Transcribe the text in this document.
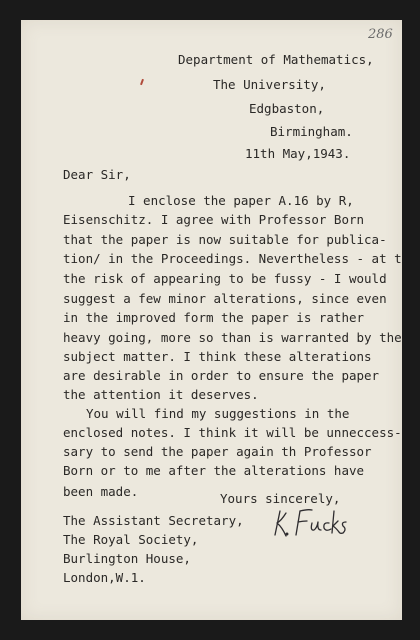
286
Department of Mathematics,
The University,
Edgbaston,
Birmingham.
11th May,1943.
Dear Sir,
I enclose the paper A.16 by R,
Eisenschitz. I agree with Professor Born
that the paper is now suitable for publica-
tion/ in the Proceedings. Nevertheless - at t
the risk of appearing to be fussy - I would
suggest a few minor alterations, since even
in the improved form the paper is rather
heavy going, more so than is warranted by the
subject matter. I think these alterations
are desirable in order to ensure the paper
the attention it deserves.
You will find my suggestions in the
enclosed notes. I think it will be unneccess-
sary to send the paper again th Professor
Born or to me after the alterations have
been made.	Yours sincerely,
The Assistant Secretary,
The Royal Society,
Burlington House,
London,W.1.
